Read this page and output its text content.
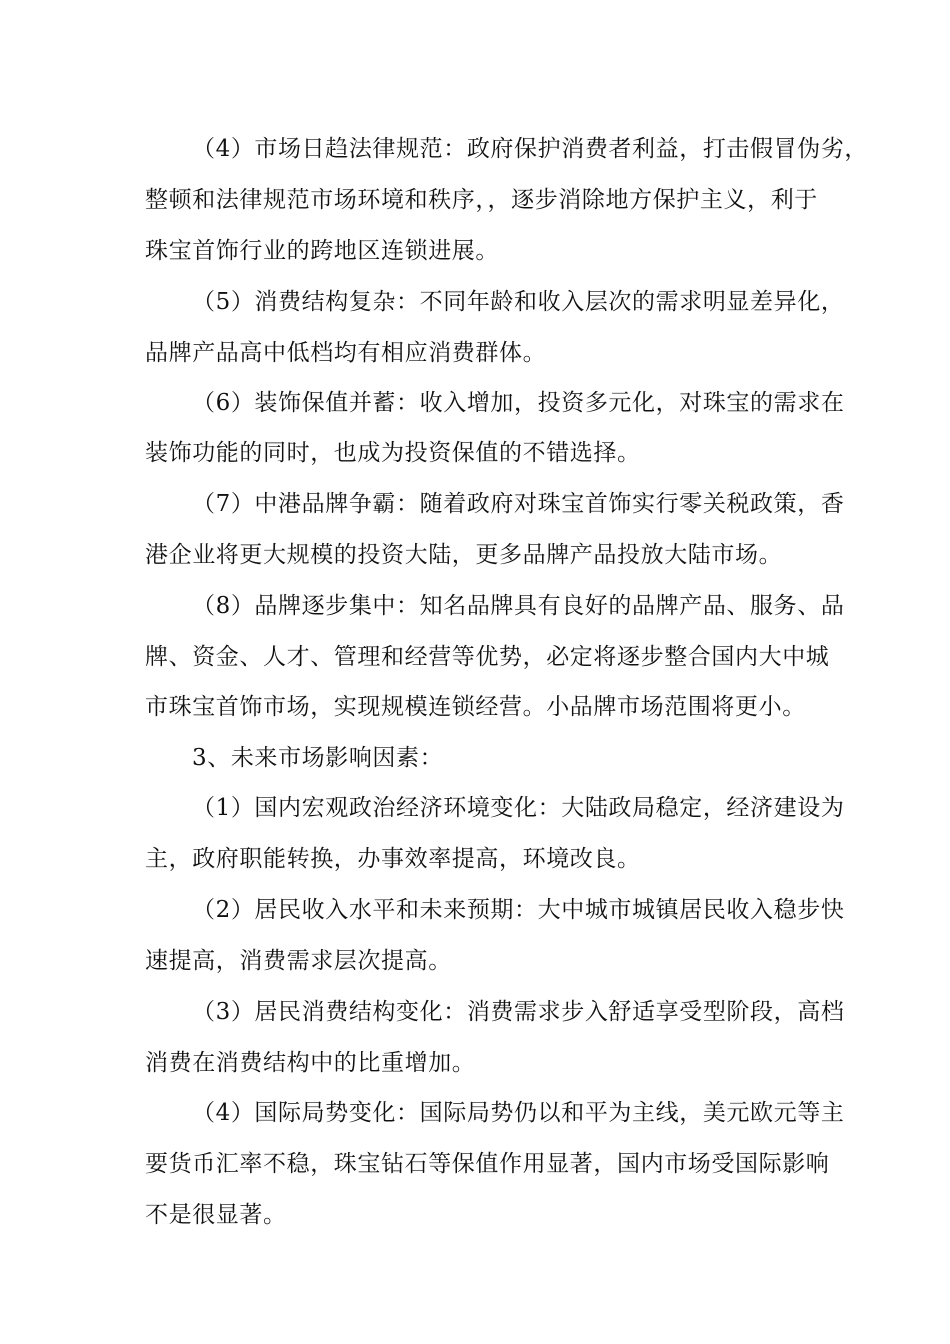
（4）市场日趋法律规范：政府保护消费者利益，打击假冒伪劣，
整顿和法律规范市场环境和秩序，，逐步消除地方保护主义，利于
珠宝首饰行业的跨地区连锁进展。
（5）消费结构复杂：不同年龄和收入层次的需求明显差异化，
品牌产品高中低档均有相应消费群体。
（6）装饰保值并蓄：收入增加，投资多元化，对珠宝的需求在
装饰功能的同时，也成为投资保值的不错选择。
（7）中港品牌争霸：随着政府对珠宝首饰实行零关税政策，香
港企业将更大规模的投资大陆，更多品牌产品投放大陆市场。
（8）品牌逐步集中：知名品牌具有良好的品牌产品、服务、品
牌、资金、人才、管理和经营等优势，必定将逐步整合国内大中城
市珠宝首饰市场，实现规模连锁经营。小品牌市场范围将更小。
3、未来市场影响因素：
（1）国内宏观政治经济环境变化：大陆政局稳定，经济建设为
主，政府职能转换，办事效率提高，环境改良。
（2）居民收入水平和未来预期：大中城市城镇居民收入稳步快
速提高，消费需求层次提高。
（3）居民消费结构变化：消费需求步入舒适享受型阶段，高档
消费在消费结构中的比重增加。
（4）国际局势变化：国际局势仍以和平为主线，美元欧元等主
要货币汇率不稳，珠宝钻石等保值作用显著，国内市场受国际影响
不是很显著。
